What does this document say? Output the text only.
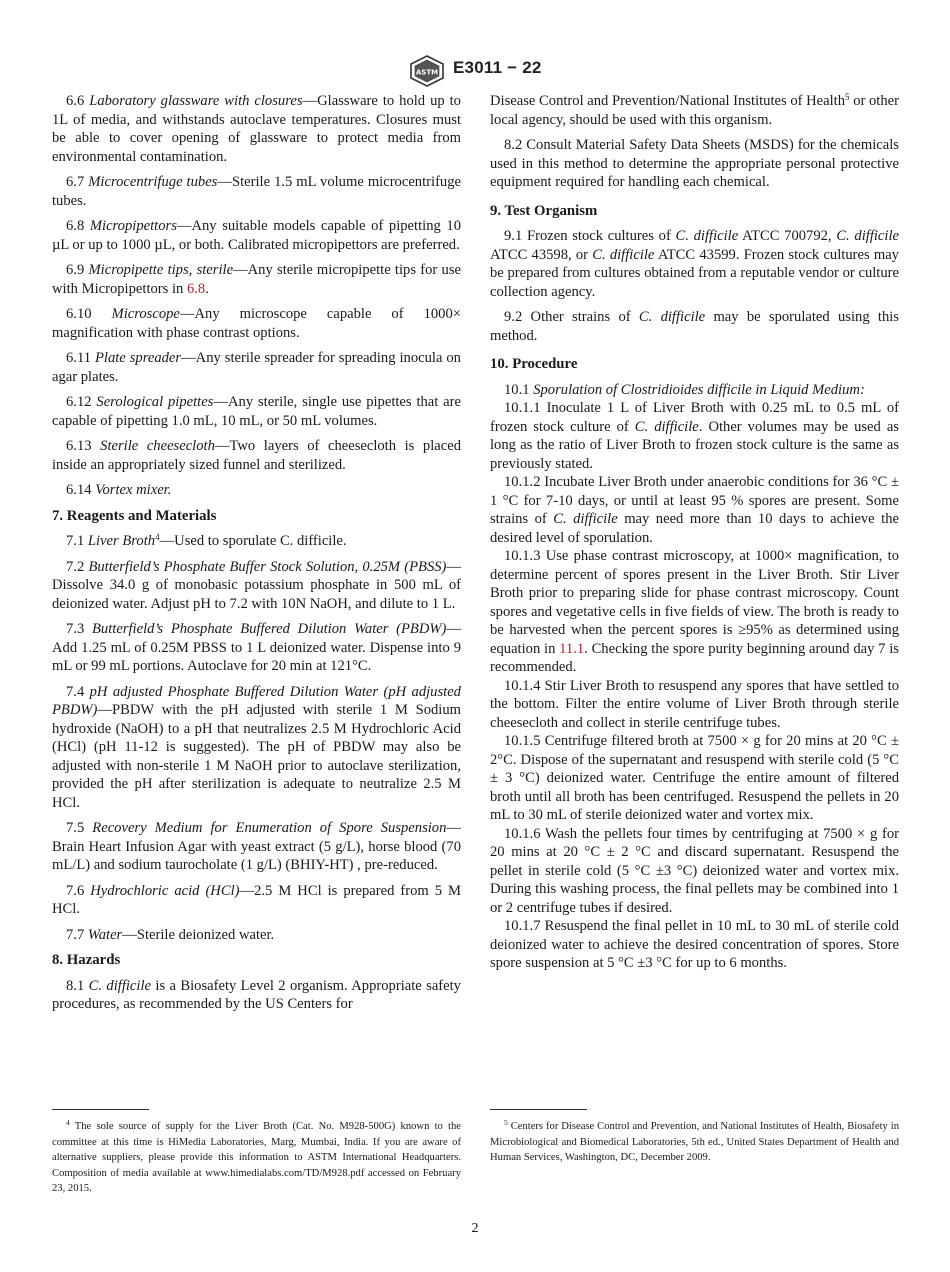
ASTM E3011 − 22

6.6 Laboratory glassware with closures—Glassware to hold up to 1L of media, and withstands autoclave temperatures. Closures must be able to cover opening of glassware to protect media from environmental contamination.

6.7 Microcentrifuge tubes—Sterile 1.5 mL volume microcentrifuge tubes.

6.8 Micropipettors—Any suitable models capable of pipetting 10 µL or up to 1000 µL, or both. Calibrated micropipettors are preferred.

6.9 Micropipette tips, sterile—Any sterile micropipette tips for use with Micropipettors in 6.8.

6.10 Microscope—Any microscope capable of 1000× magnification with phase contrast options.

6.11 Plate spreader—Any sterile spreader for spreading inocula on agar plates.

6.12 Serological pipettes—Any sterile, single use pipettes that are capable of pipetting 1.0 mL, 10 mL, or 50 mL volumes.

6.13 Sterile cheesecloth—Two layers of cheesecloth is placed inside an appropriately sized funnel and sterilized.

6.14 Vortex mixer.

7. Reagents and Materials

7.1 Liver Broth$^4$—Used to sporulate C. difficile.

7.2 Butterfield’s Phosphate Buffer Stock Solution, 0.25M (PBSS)—Dissolve 34.0 g of monobasic potassium phosphate in 500 mL of deionized water. Adjust pH to 7.2 with 10N NaOH, and dilute to 1 L.

7.3 Butterfield’s Phosphate Buffered Dilution Water (PBDW)—Add 1.25 mL of 0.25M PBSS to 1 L deionized water. Dispense into 9 mL or 99 mL portions. Autoclave for 20 min at 121°C.

7.4 pH adjusted Phosphate Buffered Dilution Water (pH adjusted PBDW)—PBDW with the pH adjusted with sterile 1 M Sodium hydroxide (NaOH) to a pH that neutralizes 2.5 M Hydrochloric Acid (HCl) (pH 11-12 is suggested). The pH of PBDW may also be adjusted with non-sterile 1 M NaOH prior to autoclave sterilization, provided the pH after sterilization is adequate to neutralize 2.5 M HCl.

7.5 Recovery Medium for Enumeration of Spore Suspension—Brain Heart Infusion Agar with yeast extract (5 g/L), horse blood (70 mL/L) and sodium taurocholate (1 g/L) (BHIY-HT) , pre-reduced.

7.6 Hydrochloric acid (HCl)—2.5 M HCl is prepared from 5 M HCl.

7.7 Water—Sterile deionized water.

8. Hazards

8.1 C. difficile is a Biosafety Level 2 organism. Appropriate safety procedures, as recommended by the US Centers for

Disease Control and Prevention/National Institutes of Health$^5$ or other local agency, should be used with this organism.

8.2 Consult Material Safety Data Sheets (MSDS) for the chemicals used in this method to determine the appropriate personal protective equipment required for handling each chemical.

9. Test Organism

9.1 Frozen stock cultures of C. difficile ATCC 700792, C. difficile ATCC 43598, or C. difficile ATCC 43599. Frozen stock cultures may be prepared from cultures obtained from a reputable vendor or culture collection agency.

9.2 Other strains of C. difficile may be sporulated using this method.

10. Procedure

10.1 Sporulation of Clostridioides difficile in Liquid Medium:

10.1.1 Inoculate 1 L of Liver Broth with 0.25 mL to 0.5 mL of frozen stock culture of C. difficile. Other volumes may be used as long as the ratio of Liver Broth to frozen stock culture is the same as previously stated.

10.1.2 Incubate Liver Broth under anaerobic conditions for 36 °C ± 1 °C for 7-10 days, or until at least 95 % spores are present. Some strains of C. difficile may need more than 10 days to achieve the desired level of sporulation.

10.1.3 Use phase contrast microscopy, at 1000× magnification, to determine percent of spores present in the Liver Broth. Stir Liver Broth prior to preparing slide for phase contrast microscopy. Count spores and vegetative cells in five fields of view. The broth is ready to be harvested when the percent spores is ≥95% as determined using equation in 11.1. Checking the spore purity beginning around day 7 is recommended.

10.1.4 Stir Liver Broth to resuspend any spores that have settled to the bottom. Filter the entire volume of Liver Broth through sterile cheesecloth and collect in sterile centrifuge tubes.

10.1.5 Centrifuge filtered broth at 7500 × g for 20 mins at 20 °C ± 2°C. Dispose of the supernatant and resuspend with sterile cold (5 °C ± 3 °C) deionized water. Centrifuge the entire amount of filtered broth until all broth has been centrifuged. Resuspend the pellets in 20 mL to 30 mL of sterile deionized water and vortex mix.

10.1.6 Wash the pellets four times by centrifuging at 7500 × g for 20 mins at 20 °C ± 2 °C and discard supernatant. Resuspend the pellet in sterile cold (5 °C ±3 °C) deionized water and vortex mix. During this washing process, the final pellets may be combined into 1 or 2 centrifuge tubes if desired.

10.1.7 Resuspend the final pellet in 10 mL to 30 mL of sterile cold deionized water to achieve the desired concentration of spores. Store spore suspension at 5 °C ±3 °C for up to 6 months.

$^4$ The sole source of supply for the Liver Broth (Cat. No. M928-500G) known to the committee at this time is HiMedia Laboratories, Marg, Mumbai, India. If you are aware of alternative suppliers, please provide this information to ASTM International Headquarters. Composition of media available at www.himedialabs.com/TD/M928.pdf accessed on February 23, 2015.

$^5$ Centers for Disease Control and Prevention, and National Institutes of Health, Biosafety in Microbiological and Biomedical Laboratories, 5th ed., United States Department of Health and Human Services, Washington, DC, December 2009.

2
